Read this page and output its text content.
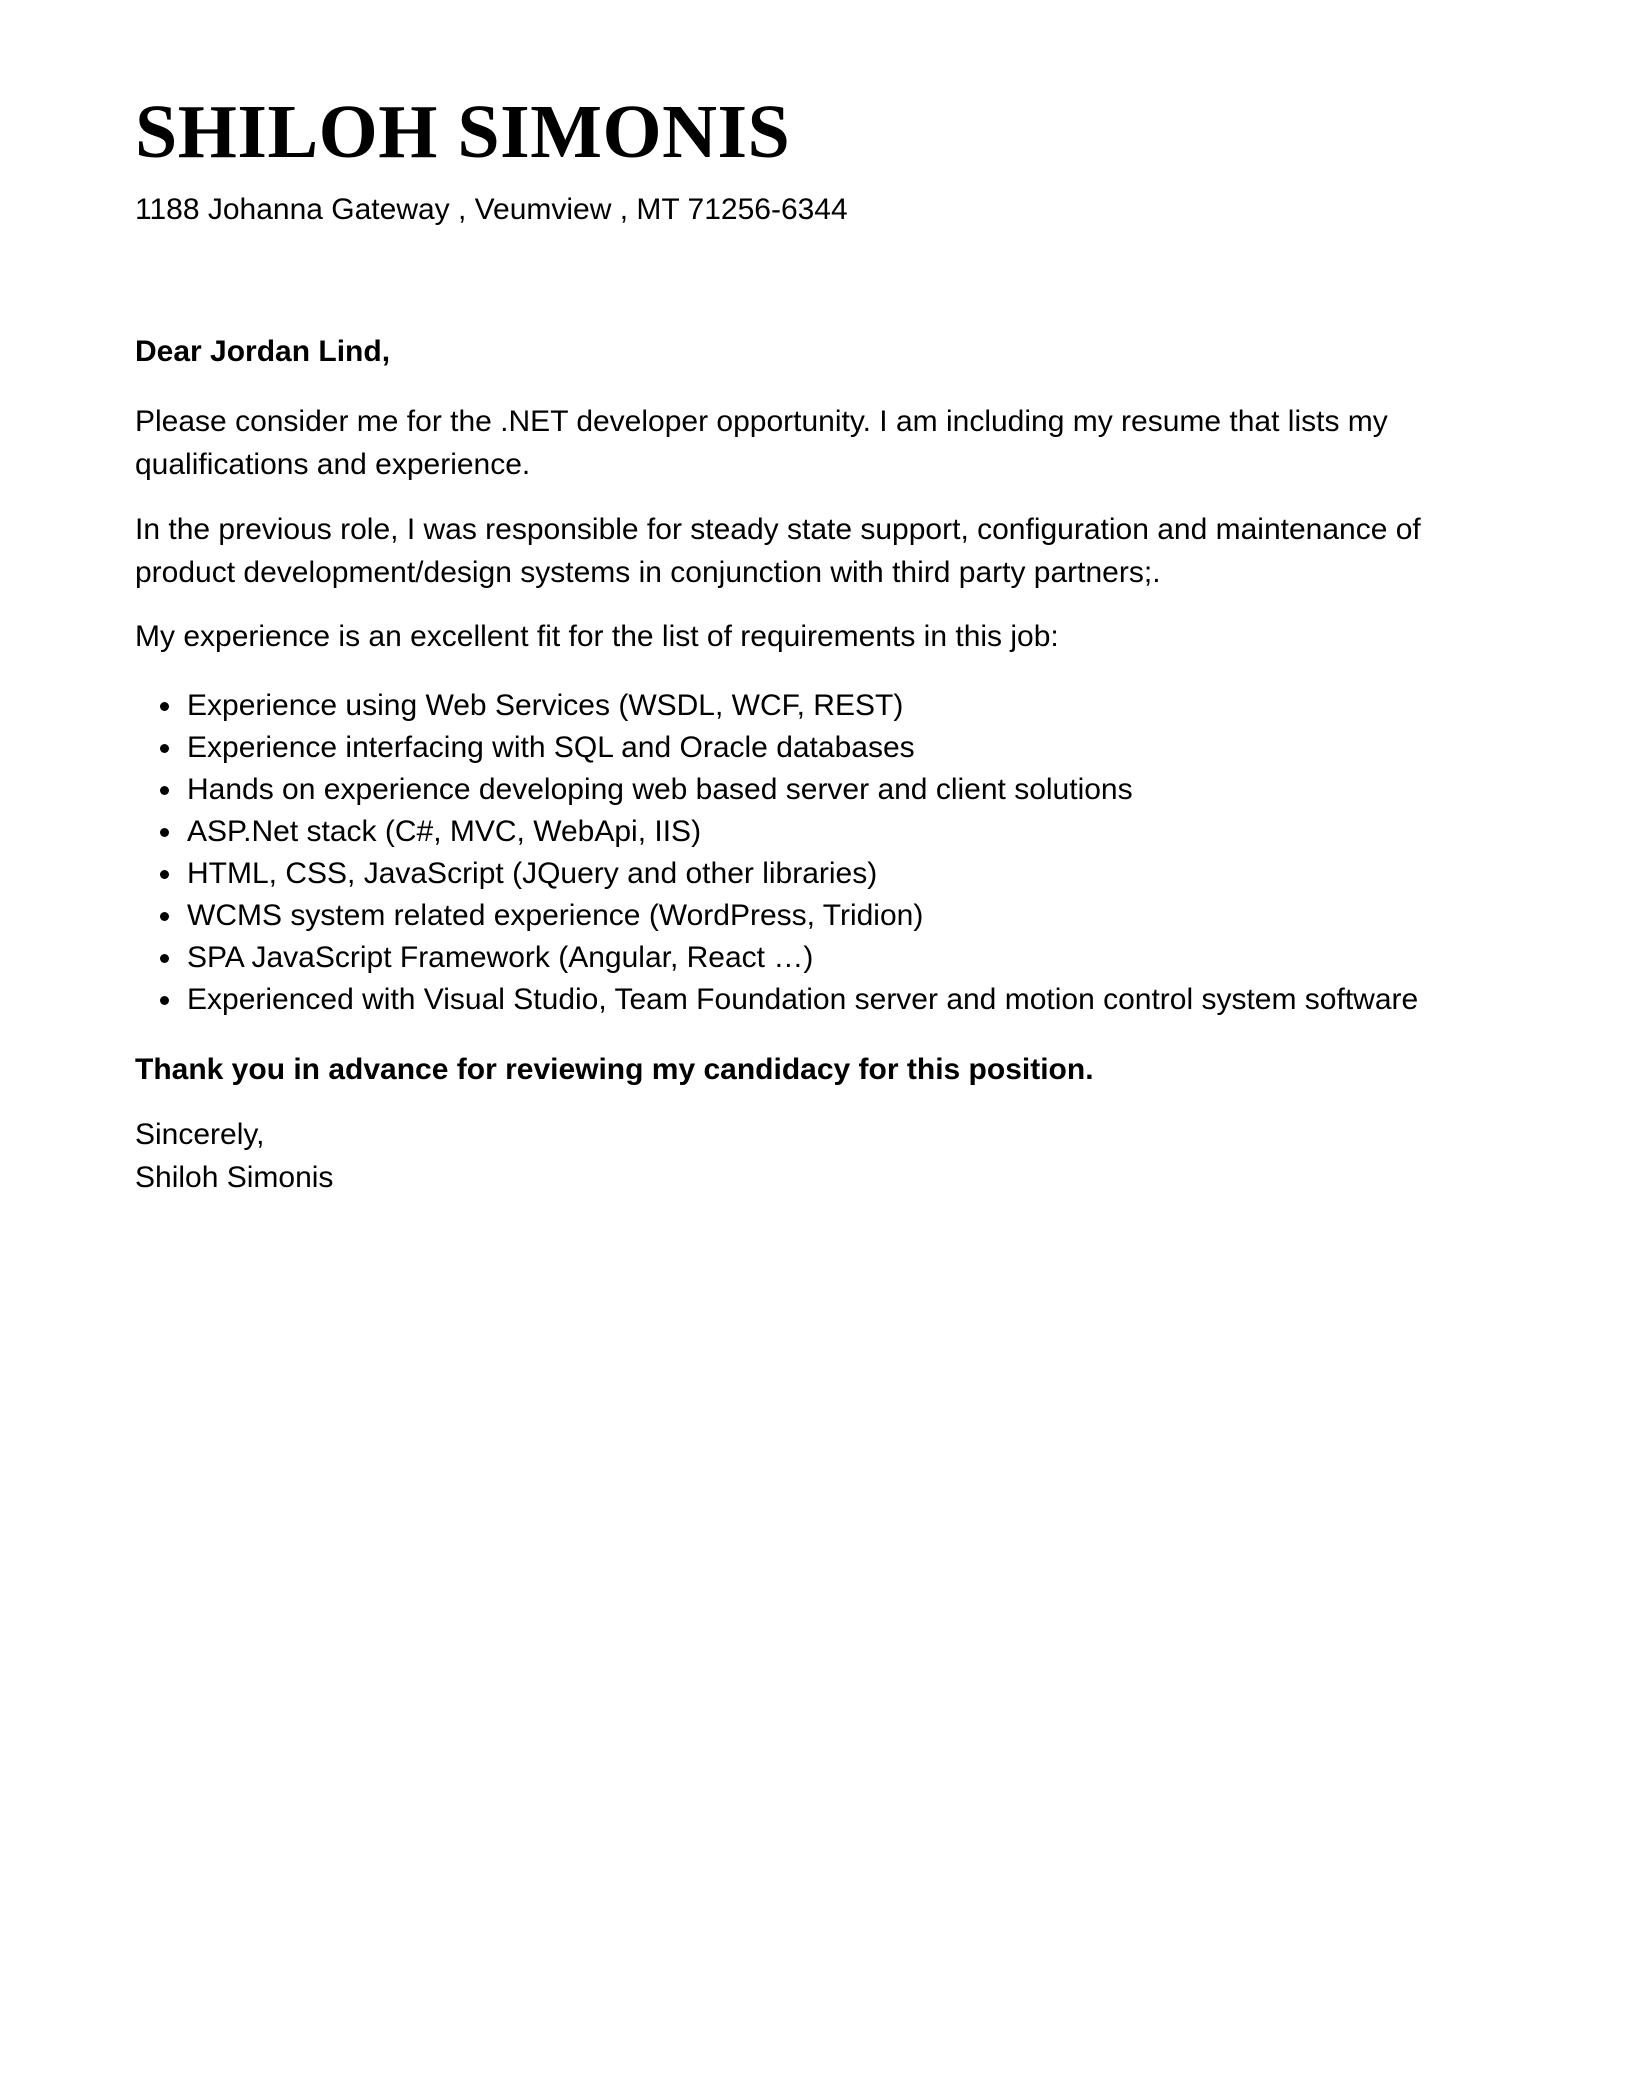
SHILOH SIMONIS

1188 Johanna Gateway , Veumview , MT 71256-6344

Dear Jordan Lind,

Please consider me for the .NET developer opportunity. I am including my resume that lists my qualifications and experience.

In the previous role, I was responsible for steady state support, configuration and maintenance of product development/design systems in conjunction with third party partners;.

My experience is an excellent fit for the list of requirements in this job:

Experience using Web Services (WSDL, WCF, REST)
Experience interfacing with SQL and Oracle databases
Hands on experience developing web based server and client solutions
ASP.Net stack (C#, MVC, WebApi, IIS)
HTML, CSS, JavaScript (JQuery and other libraries)
WCMS system related experience (WordPress, Tridion)
SPA JavaScript Framework (Angular, React …)
Experienced with Visual Studio, Team Foundation server and motion control system software

Thank you in advance for reviewing my candidacy for this position.

Sincerely,

Shiloh Simonis
